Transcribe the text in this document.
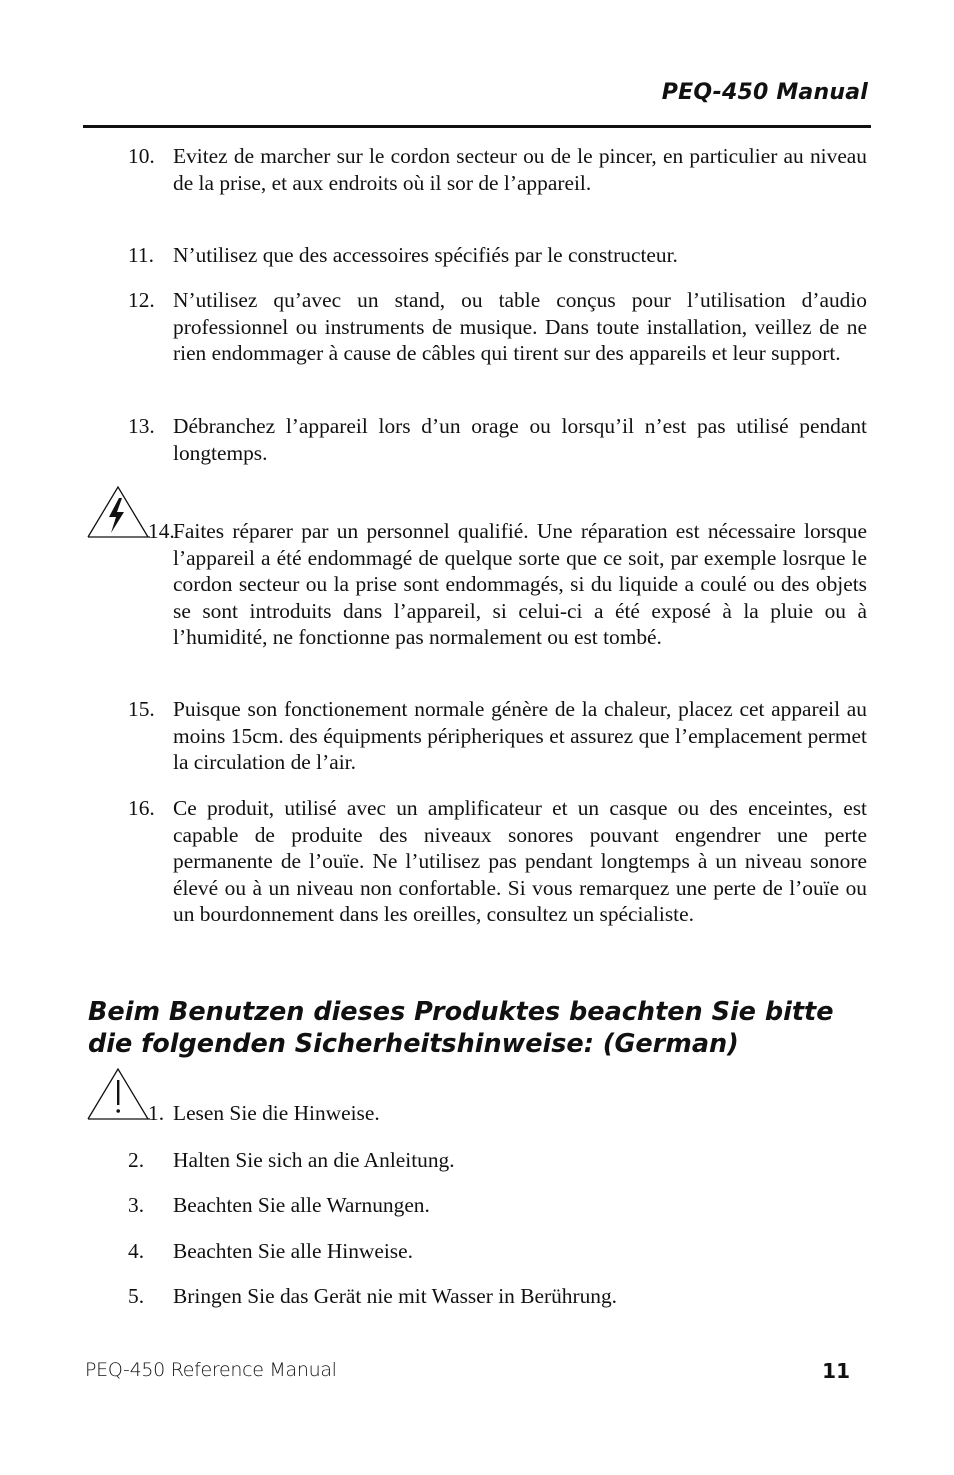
PEQ-450 Manual
10. Evitez de marcher sur le cordon secteur ou de le pincer, en particulier au niveau de la prise, et aux endroits où il sor de l’appareil.
11. N’utilisez que des accessoires spécifiés par le constructeur.
12. N’utilisez qu’avec un stand, ou table conçus pour l’utilisation d’audio professionnel ou instruments de musique. Dans toute installation, veillez de ne rien endommager à cause de câbles qui tirent sur des appareils et leur support.
13. Débranchez l’appareil lors d’un orage ou lorsqu’il n’est pas utilisé pendant longtemps.
14.
Faites réparer par un personnel qualifié. Une réparation est nécessaire lorsque l’appareil a été endommagé de quelque sorte que ce soit, par exemple losrque le cordon secteur ou la prise sont endommagés, si du liquide a coulé ou des objets se sont introduits dans l’appareil, si celui-ci a été exposé à la pluie ou à l’humidité, ne fonctionne pas normalement ou est tombé.
15. Puisque son fonctionement normale génère de la chaleur, placez cet appareil au moins 15cm. des équipments péripheriques et assurez que l’emplacement permet la circulation de l’air.
16. Ce produit, utilisé avec un amplificateur et un casque ou des enceintes, est capable de produite des niveaux sonores pouvant engendrer une perte permanente de l’ouïe. Ne l’utilisez pas pendant longtemps à un niveau sonore élevé ou à un niveau non confortable. Si vous remarquez une perte de l’ouïe ou un bourdonnement dans les oreilles, consultez un spécialiste.
Beim Benutzen dieses Produktes beachten Sie bitte
die folgenden Sicherheitshinweise: (German)
1. Lesen Sie die Hinweise.
2.	Halten Sie sich an die Anleitung.
3.	Beachten Sie alle Warnungen.
4.	Beachten Sie alle Hinweise.
5.	Bringen Sie das Gerät nie mit Wasser in Berührung.
PEQ-450 Reference Manual	11
